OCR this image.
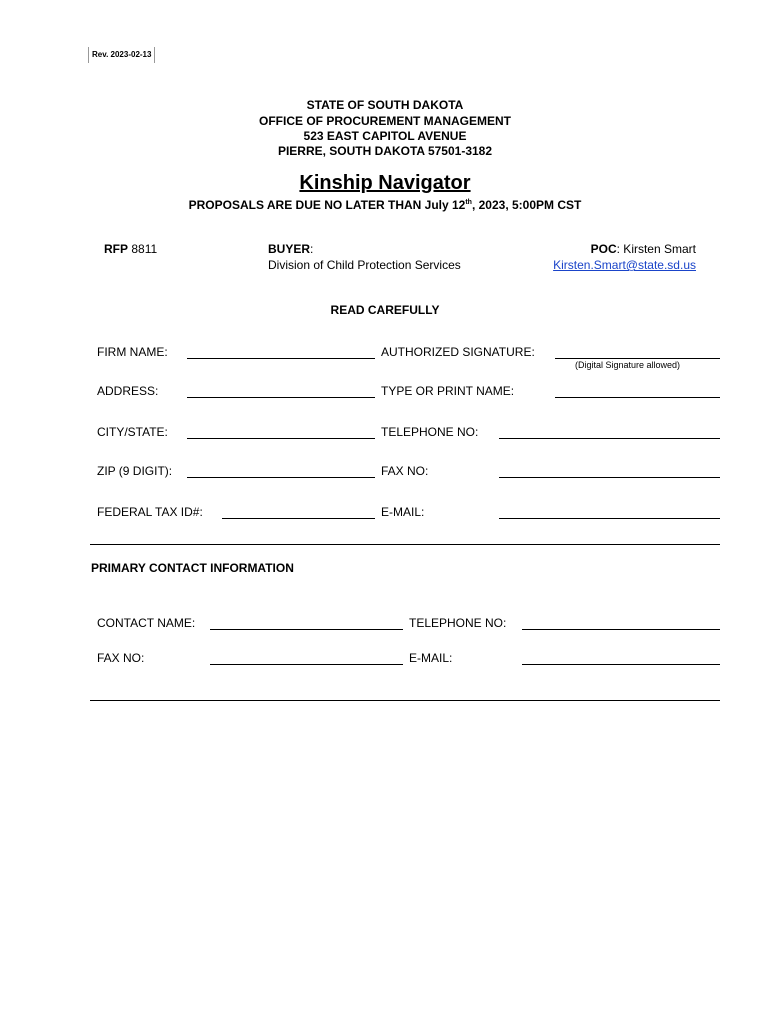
Rev. 2023-02-13
STATE OF SOUTH DAKOTA
OFFICE OF PROCUREMENT MANAGEMENT
523 EAST CAPITOL AVENUE
PIERRE, SOUTH DAKOTA 57501-3182
Kinship Navigator
PROPOSALS ARE DUE NO LATER THAN July 12th, 2023, 5:00PM CST
RFP 8811	BUYER:
Division of Child Protection Services
POC: Kirsten Smart
Kirsten.Smart@state.sd.us
READ CAREFULLY
FIRM NAME:	AUTHORIZED SIGNATURE:
(Digital Signature allowed)
ADDRESS:	TYPE OR PRINT NAME:
CITY/STATE:	TELEPHONE NO:
ZIP (9 DIGIT):	FAX NO:
FEDERAL TAX ID#:	E-MAIL:
PRIMARY CONTACT INFORMATION
CONTACT NAME:	TELEPHONE NO:
FAX NO:	E-MAIL:
